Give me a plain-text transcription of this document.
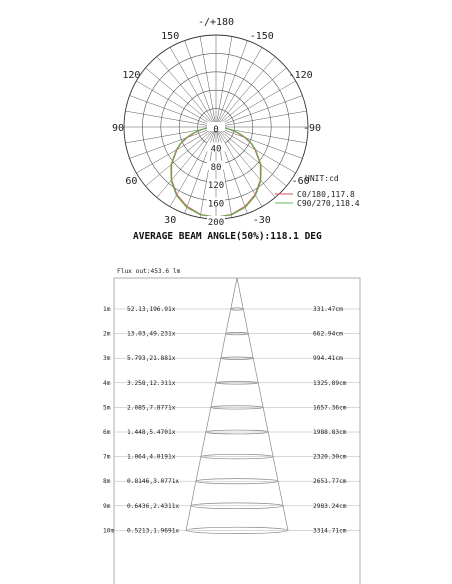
-/+180
-150
150
-120
120
-90
90
-60
60
-30
30
0
40
80
120
160
200
UNIT:cd
C0/180,117.8
C90/270,118.4
AVERAGE BEAM ANGLE(50%):118.1 DEG
Flux out:453.6 lm
1m	52.13,196.91x	331.47cm
2m	13.03,49.231x	662.94cm
3m	5.793,21.881x	994.41cm
4m	3.258,12.311x	1325.89cm
5m	2.085,7.8771x	1657.36cm
6m	1.448,5.4701x	1988.83cm
7m	1.064,4.0191x	2320.30cm
8m	0.8146,3.0771x	2651.77cm
9m	0.6436,2.4311x	2983.24cm
10m 0.5213,1.9691x	3314.71cm
